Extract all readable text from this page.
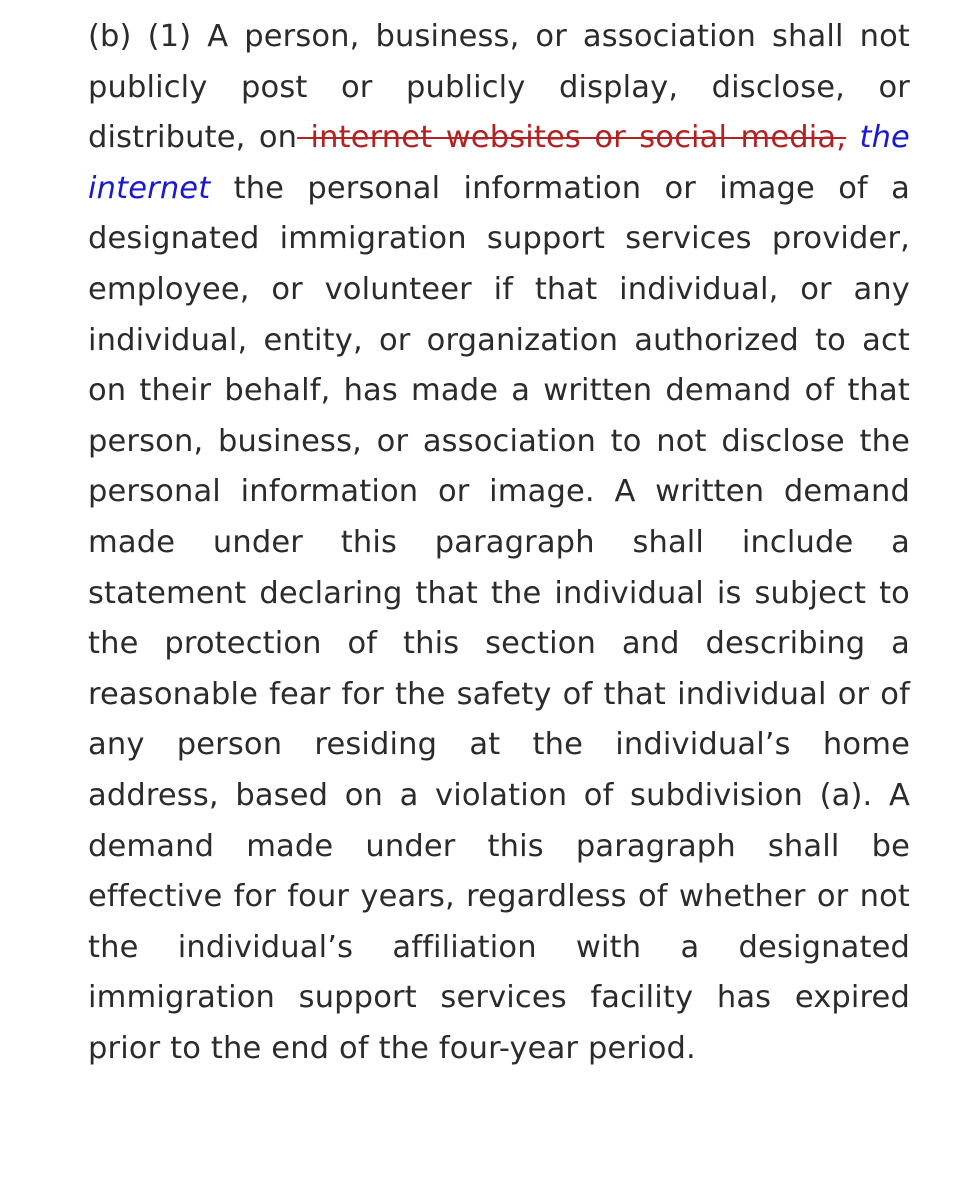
(b) (1) A person, business, or association shall not publicly post or publicly display, disclose, or distribute, on internet websites or social media, the internet the personal information or image of a designated immigration support services provider, employee, or volunteer if that individual, or any individual, entity, or organization authorized to act on their behalf, has made a written demand of that person, business, or association to not disclose the personal information or image. A written demand made under this paragraph shall include a statement declaring that the individual is subject to the protection of this section and describing a reasonable fear for the safety of that individual or of any person residing at the individual’s home address, based on a violation of subdivision (a). A demand made under this paragraph shall be effective for four years, regardless of whether or not the individual’s affiliation with a designated immigration support services facility has expired prior to the end of the four-year period.
